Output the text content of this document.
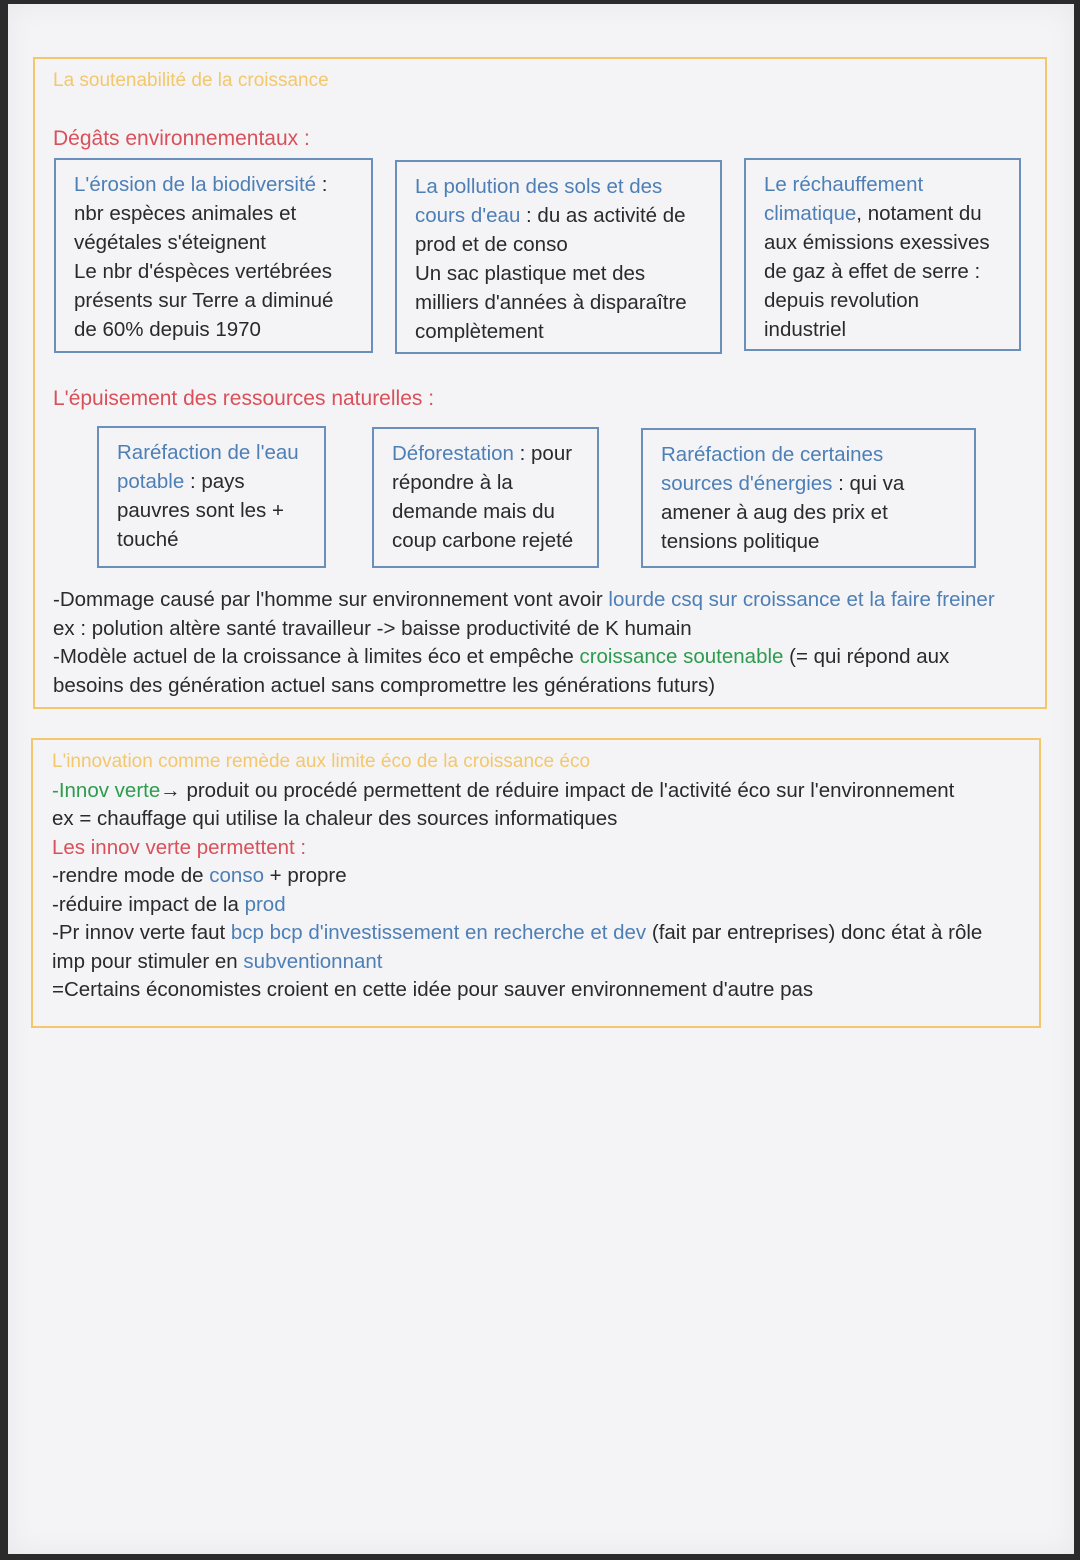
La soutenabilité de la croissance
Dégâts environnementaux :
L'érosion de la biodiversité :
nbr espèces animales et
végétales s'éteignent
Le nbr d'éspèces vertébrées
présents sur Terre a diminué
de 60% depuis 1970
La pollution des sols et des
cours d'eau : du as activité de
prod et de conso
Un sac plastique met des
milliers d'années à disparaître
complètement
Le réchauffement
climatique, notament du
aux émissions exessives
de gaz à effet de serre :
depuis revolution
industriel
L'épuisement des ressources naturelles :
Raréfaction de l'eau
potable : pays
pauvres sont les +
touché
Déforestation : pour
répondre à la
demande mais du
coup carbone rejeté
Raréfaction de certaines
sources d'énergies : qui va
amener à aug des prix et
tensions politique
-Dommage causé par l'homme sur environnement vont avoir lourde csq sur croissance et la faire freiner
ex : polution altère santé travailleur -> baisse productivité de K humain
-Modèle actuel de la croissance à limites éco et empêche croissance soutenable (= qui répond aux
besoins des génération actuel sans compromettre les générations futurs)
L'innovation comme remède aux limite éco de la croissance éco
-Innov verte→ produit ou procédé permettent de réduire impact de l'activité éco sur l'environnement
ex = chauffage qui utilise la chaleur des sources informatiques
Les innov verte permettent :
-rendre mode de conso + propre
-réduire impact de la prod
-Pr innov verte faut bcp bcp d'investissement en recherche et dev (fait par entreprises) donc état à rôle
imp pour stimuler en subventionnant
=Certains économistes croient en cette idée pour sauver environnement d'autre pas
